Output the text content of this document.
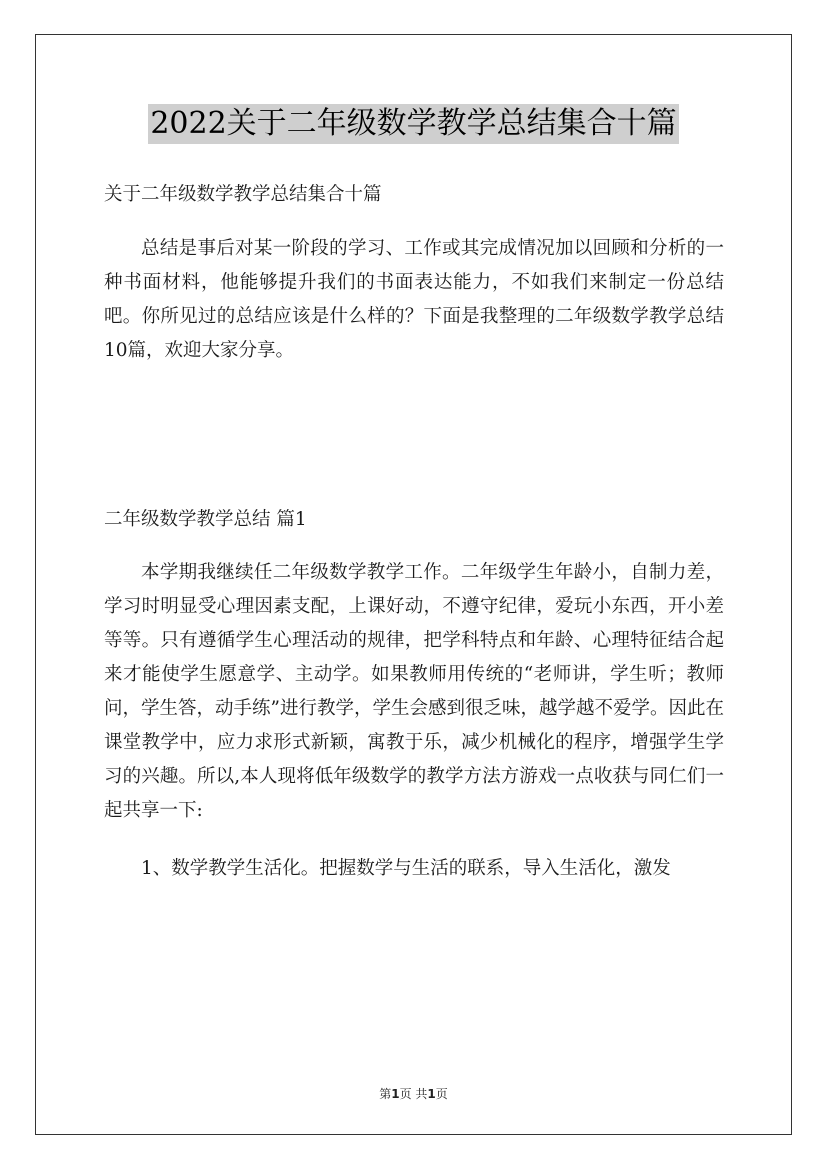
2022关于二年级数学教学总结集合十篇
关于二年级数学教学总结集合十篇

总结是事后对某一阶段的学习、工作或其完成情况加以回顾和分析的一种书面材料，他能够提升我们的书面表达能力，不如我们来制定一份总结吧。你所见过的总结应该是什么样的？下面是我整理的二年级数学教学总结10篇，欢迎大家分享。

二年级数学教学总结 篇1

本学期我继续任二年级数学教学工作。二年级学生年龄小，自制力差，学习时明显受心理因素支配，上课好动，不遵守纪律，爱玩小东西，开小差等等。只有遵循学生心理活动的规律，把学科特点和年龄、心理特征结合起来才能使学生愿意学、主动学。如果教师用传统的“老师讲，学生听；教师问，学生答，动手练”进行教学，学生会感到很乏味，越学越不爱学。因此在课堂教学中，应力求形式新颖，寓教于乐，减少机械化的程序，增强学生学习的兴趣。所以,本人现将低年级数学的教学方法方游戏一点收获与同仁们一起共享一下:

1、数学教学生活化。把握数学与生活的联系，导入生活化，激发

第1页 共1页
